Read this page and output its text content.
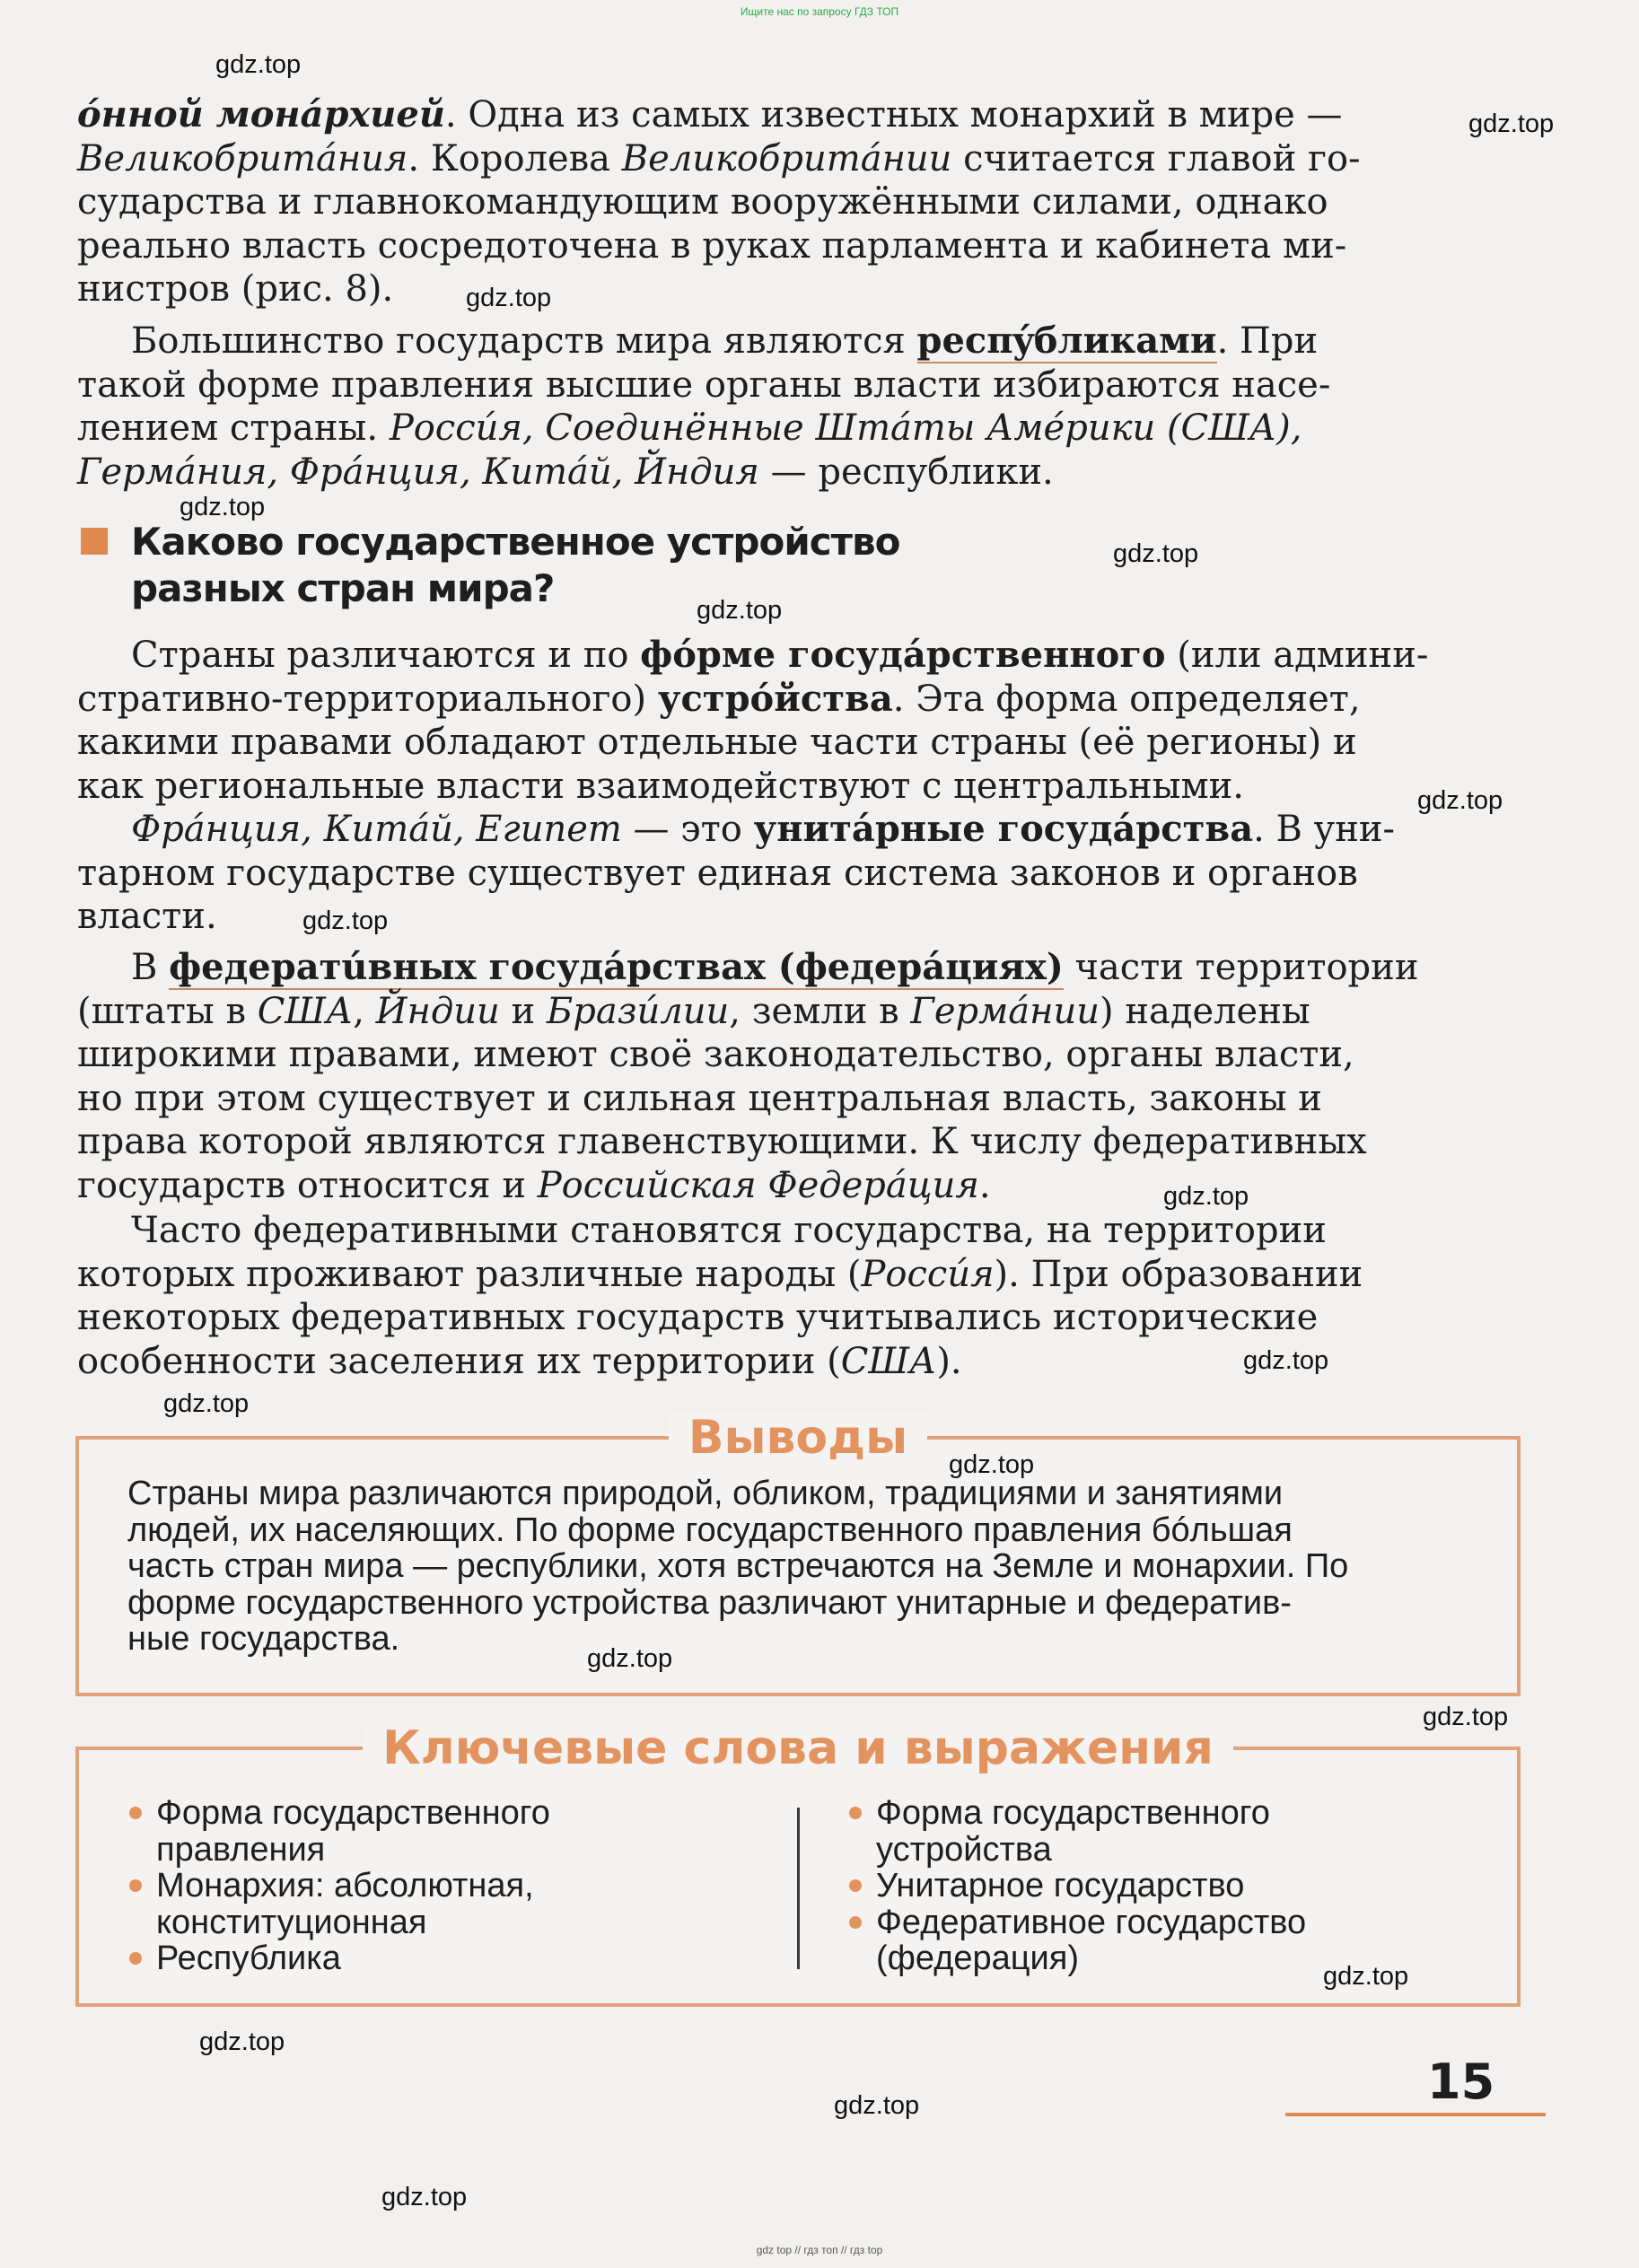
Ищите нас по запросу ГДЗ ТОП

óнной монáрхией. Одна из самых известных монархий в мире —
Великобритáния. Королева Великобритáнии считается главой го-
сударства и главнокомандующим вооружёнными силами, однако
реально власть сосредоточена в руках парламента и кабинета ми-
нистров (рис. 8).

Большинство государств мира являются респýбликами. При
такой форме правления высшие органы власти избираются насе-
лением страны. Россúя, Соединённые Штáты Амéрики (США),
Гермáния, Фрáнция, Китáй, Йндия — республики.

Каково государственное устройство
разных стран мира?

Страны различаются и по фóрме госудáрственного (или админи-
стративно-территориального) устрóйства. Эта форма определяет,
какими правами обладают отдельные части страны (её регионы) и
как региональные власти взаимодействуют с центральными.

Фрáнция, Китáй, Египет — это унитáрные госудáрства. В уни-
тарном государстве существует единая система законов и органов
власти.

В федератúвных госудáрствах (федерáциях) части территории
(штаты в США, Йндии и Бразúлии, земли в Гермáнии) наделены
широкими правами, имеют своё законодательство, органы власти,
но при этом существует и сильная центральная власть, законы и
права которой являются главенствующими. К числу федеративных
государств относится и Российская Федерáция.

Часто федеративными становятся государства, на территории
которых проживают различные народы (Россúя). При образовании
некоторых федеративных государств учитывались исторические
особенности заселения их территории (США).

Выводы

Страны мира различаются природой, обликом, традициями и занятиями
людей, их населяющих. По форме государственного правления бóльшая
часть стран мира — республики, хотя встречаются на Земле и монархии. По
форме государственного устройства различают унитарные и федератив-
ные государства.

Ключевые слова и выражения
Форма государственного
правления
Монархия: абсолютная,
конституционная
Республика
Форма государственного
устройства
Унитарное государство
Федеративное государство
(федерация)

15

gdz.top
gdz.top
gdz.top
gdz.top
gdz.top
gdz.top
gdz.top
gdz.top
gdz.top
gdz.top
gdz.top
gdz.top
gdz.top
gdz.top
gdz.top
gdz.top
gdz.top
gdz.top
gdz top // гдз топ // гдз top
